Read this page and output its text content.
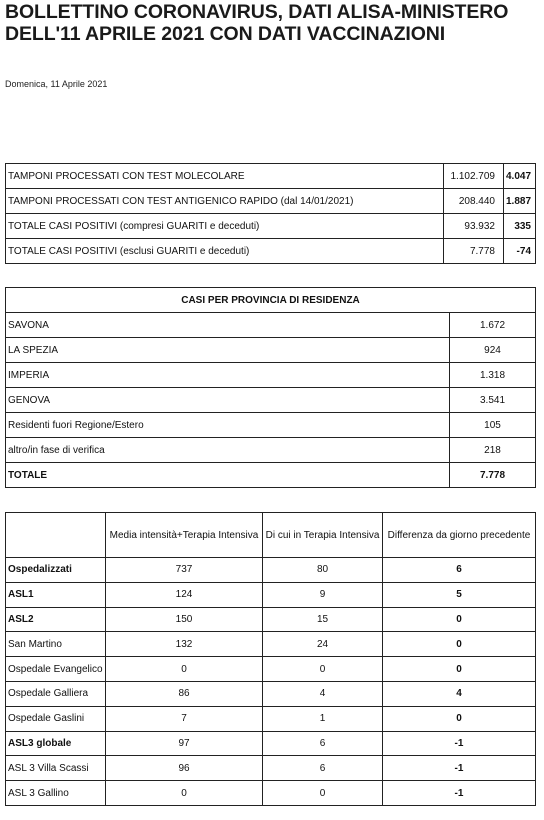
BOLLETTINO CORONAVIRUS, DATI ALISA-MINISTERO DELL'11 APRILE 2021 CON DATI VACCINAZIONI
Domenica, 11 Aprile 2021
TAMPONI PROCESSATI CON TEST MOLECOLARE	1.102.709	4.047
TAMPONI PROCESSATI CON TEST ANTIGENICO RAPIDO (dal 14/01/2021)	208.440	1.887
TOTALE CASI POSITIVI (compresi GUARITI e deceduti)	93.932	335
TOTALE CASI POSITIVI (esclusi GUARITI e deceduti)	7.778	-74
CASI PER PROVINCIA DI RESIDENZA	
SAVONA	1.672
LA SPEZIA	924
IMPERIA	1.318
GENOVA	3.541
Residenti fuori Regione/Estero	105
altro/in fase di verifica	218
TOTALE	7.778
	Media intensità+Terapia Intensiva	Di cui in Terapia Intensiva	Differenza da giorno precedente
Ospedalizzati	737	80	6
ASL1	124	9	5
ASL2	150	15	0
San Martino	132	24	0
Ospedale Evangelico	0	0	0
Ospedale Galliera	86	4	4
Ospedale Gaslini	7	1	0
ASL3 globale	97	6	-1
ASL 3 Villa Scassi	96	6	-1
ASL 3 Gallino	0	0	-1
